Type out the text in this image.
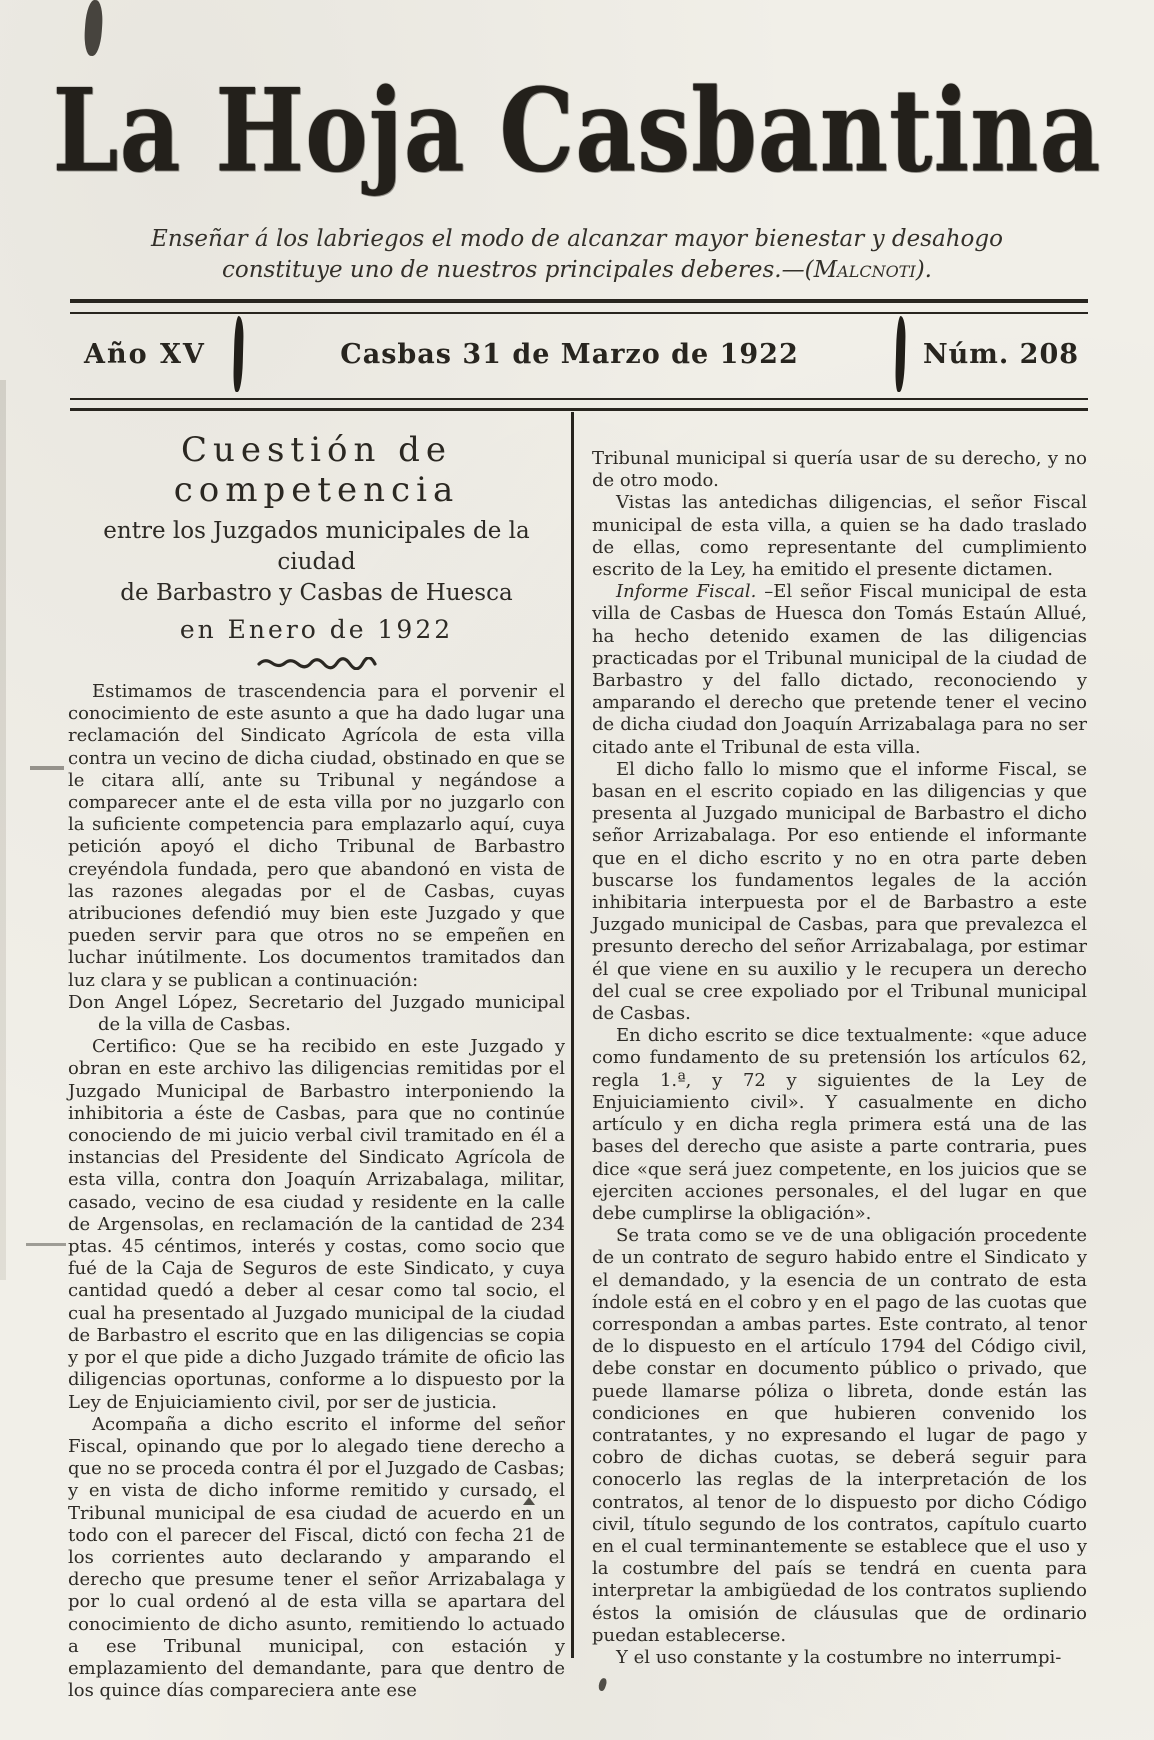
La Hoja Casbantina
Enseñar á los labriegos el modo de alcanzar mayor bienestar y desahogo
constituye uno de nuestros principales deberes.—(Malcnoti).
Año XV	Casbas 31 de Marzo de 1922	Núm. 208
Cuestión de competencia
entre los Juzgados municipales de la ciudad
de Barbastro y Casbas de Huesca
en Enero de 1922

Estimamos de trascendencia para el porvenir el conocimiento de este asunto a que ha dado lugar una reclamación del Sindicato Agrícola de esta villa contra un vecino de dicha ciudad, obstinado en que se le citara allí, ante su Tribunal y negándose a comparecer ante el de esta villa por no juzgarlo con la suficiente competencia para emplazarlo aquí, cuya petición apoyó el dicho Tribunal de Barbastro creyéndola fundada, pero que abandonó en vista de las razones alegadas por el de Casbas, cuyas atribuciones defendió muy bien este Juzgado y que pueden servir para que otros no se empeñen en luchar inútilmente. Los documentos tramitados dan luz clara y se publican a continuación:

Don Angel López, Secretario del Juzgado municipal de la villa de Casbas.

Certifico: Que se ha recibido en este Juzgado y obran en este archivo las diligencias remitidas por el Juzgado Municipal de Barbastro interponiendo la inhibitoria a éste de Casbas, para que no continúe conociendo de mi juicio verbal civil tramitado en él a instancias del Presidente del Sindicato Agrícola de esta villa, contra don Joaquín Arrizabalaga, militar, casado, vecino de esa ciudad y residente en la calle de Argensolas, en reclamación de la cantidad de 234 ptas. 45 céntimos, interés y costas, como socio que fué de la Caja de Seguros de este Sindicato, y cuya cantidad quedó a deber al cesar como tal socio, el cual ha presentado al Juzgado municipal de la ciudad de Barbastro el escrito que en las diligencias se copia y por el que pide a dicho Juzgado trámite de oficio las diligencias oportunas, conforme a lo dispuesto por la Ley de Enjuiciamiento civil, por ser de justicia.

Acompaña a dicho escrito el informe del señor Fiscal, opinando que por lo alegado tiene derecho a que no se proceda contra él por el Juzgado de Casbas; y en vista de dicho informe remitido y cursado, el Tribunal municipal de esa ciudad de acuerdo en un todo con el parecer del Fiscal, dictó con fecha 21 de los corrientes auto declarando y amparando el derecho que presume tener el señor Arrizabalaga y por lo cual ordenó al de esta villa se apartara del conocimiento de dicho asunto, remitiendo lo actuado a ese Tribunal municipal, con estación y emplazamiento del demandante, para que dentro de los quince días compareciera ante ese

Tribunal municipal si quería usar de su derecho, y no de otro modo.

Vistas las antedichas diligencias, el señor Fiscal municipal de esta villa, a quien se ha dado traslado de ellas, como representante del cumplimiento escrito de la Ley, ha emitido el presente dictamen.

Informe Fiscal. –El señor Fiscal municipal de esta villa de Casbas de Huesca don Tomás Estaún Allué, ha hecho detenido examen de las diligencias practicadas por el Tribunal municipal de la ciudad de Barbastro y del fallo dictado, reconociendo y amparando el derecho que pretende tener el vecino de dicha ciudad don Joaquín Arrizabalaga para no ser citado ante el Tribunal de esta villa.

El dicho fallo lo mismo que el informe Fiscal, se basan en el escrito copiado en las diligencias y que presenta al Juzgado municipal de Barbastro el dicho señor Arrizabalaga. Por eso entiende el informante que en el dicho escrito y no en otra parte deben buscarse los fundamentos legales de la acción inhibitaria interpuesta por el de Barbastro a este Juzgado municipal de Casbas, para que prevalezca el presunto derecho del señor Arrizabalaga, por estimar él que viene en su auxilio y le recupera un derecho del cual se cree expoliado por el Tribunal municipal de Casbas.

En dicho escrito se dice textualmente: «que aduce como fundamento de su pretensión los artículos 62, regla 1.ª, y 72 y siguientes de la Ley de Enjuiciamiento civil». Y casualmente en dicho artículo y en dicha regla primera está una de las bases del derecho que asiste a parte contraria, pues dice «que será juez competente, en los juicios que se ejerciten acciones personales, el del lugar en que debe cumplirse la obligación».

Se trata como se ve de una obligación procedente de un contrato de seguro habido entre el Sindicato y el demandado, y la esencia de un contrato de esta índole está en el cobro y en el pago de las cuotas que correspondan a ambas partes. Este contrato, al tenor de lo dispuesto en el artículo 1794 del Código civil, debe constar en documento público o privado, que puede llamarse póliza o libreta, donde están las condiciones en que hubieren convenido los contratantes, y no expresando el lugar de pago y cobro de dichas cuotas, se deberá seguir para conocerlo las reglas de la interpretación de los contratos, al tenor de lo dispuesto por dicho Código civil, título segundo de los contratos, capítulo cuarto en el cual terminantemente se establece que el uso y la costumbre del país se tendrá en cuenta para interpretar la ambigüedad de los contratos supliendo éstos la omisión de cláusulas que de ordinario puedan establecerse.

Y el uso constante y la costumbre no interrumpi-
